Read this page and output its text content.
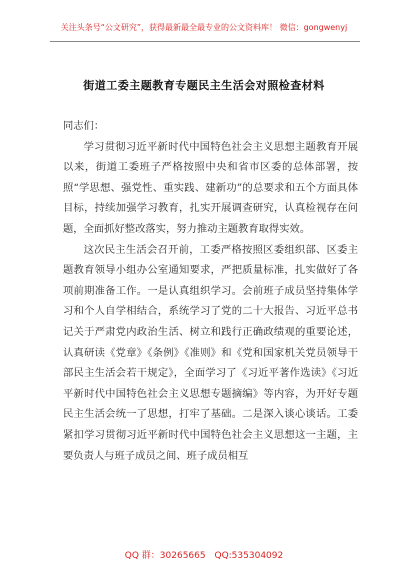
关注头条号“公文研究”，获得最新最全最专业的公文资料库！ 微信：gongwenyj
街道工委主题教育专题民主生活会对照检查材料

同志们：

学习贯彻习近平新时代中国特色社会主义思想主题教育开展以来，街道工委班子严格按照中央和省市区委的总体部署，按照“学思想、强党性、重实践、建新功”的总要求和五个方面具体目标，持续加强学习教育，扎实开展调查研究，认真检视存在问题，全面抓好整改落实，努力推动主题教育取得实效。

这次民主生活会召开前，工委严格按照区委组织部、区委主题教育领导小组办公室通知要求，严把质量标准，扎实做好了各项前期准备工作。一是认真组织学习。会前班子成员坚持集体学习和个人自学相结合，系统学习了党的二十大报告、习近平总书记关于严肃党内政治生活、树立和践行正确政绩观的重要论述，认真研读《党章》《条例》《准则》和《党和国家机关党员领导干部民主生活会若干规定》，全面学习了《习近平著作选读》《习近平新时代中国特色社会主义思想专题摘编》等内容，为开好专题民主生活会统一了思想，打牢了基础。二是深入谈心谈话。工委紧扣学习贯彻习近平新时代中国特色社会主义思想这一主题，主要负责人与班子成员之间、班子成员相互

QQ 群：30265665 QQ:535304092
